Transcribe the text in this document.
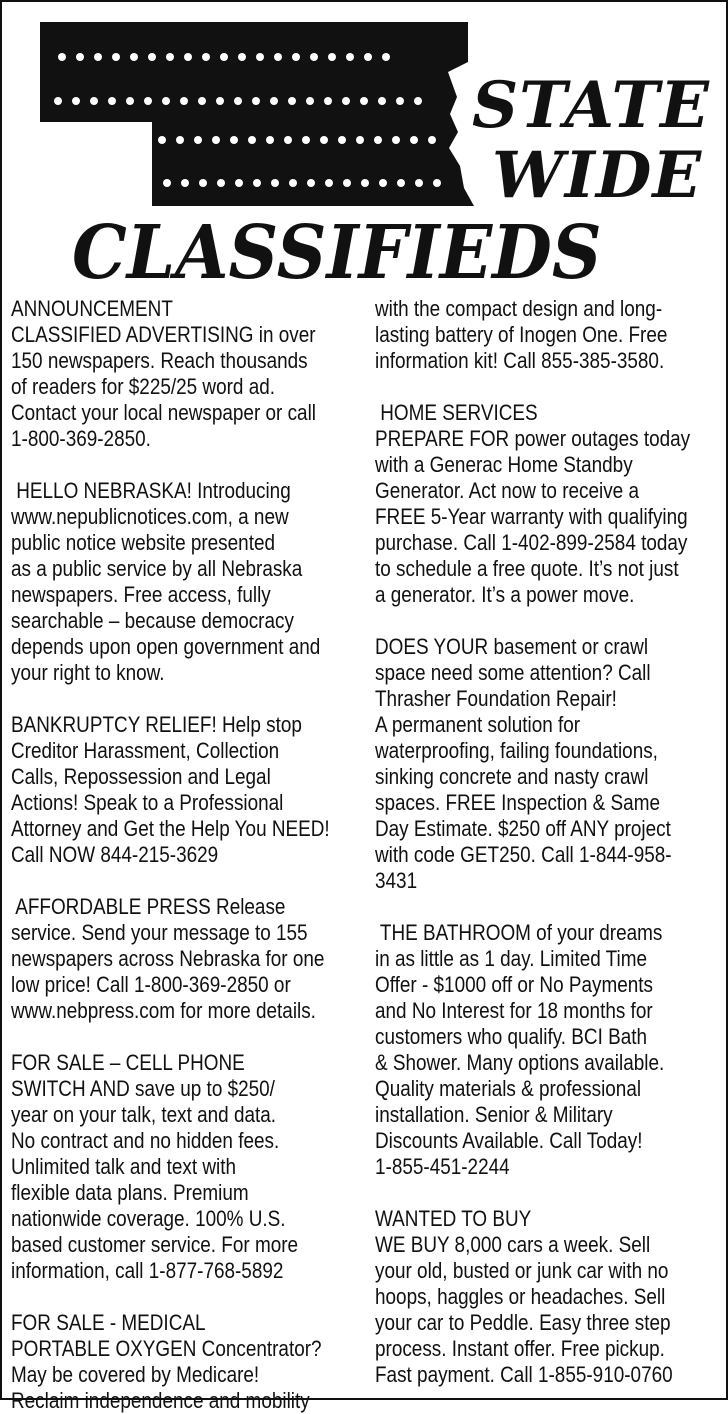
STATE
WIDE
CLASSIFIEDS
ANNOUNCEMENT
CLASSIFIED ADVERTISING in over
150 newspapers. Reach thousands
of readers for $225/25 word ad.
Contact your local newspaper or call
1-800-369-2850.
HELLO NEBRASKA! Introducing
www.nepublicnotices.com, a new
public notice website presented
as a public service by all Nebraska
newspapers. Free access, fully
searchable – because democracy
depends upon open government and
your right to know.
BANKRUPTCY RELIEF! Help stop
Creditor Harassment, Collection
Calls, Repossession and Legal
Actions! Speak to a Professional
Attorney and Get the Help You NEED!
Call NOW 844-215-3629
AFFORDABLE PRESS Release
service. Send your message to 155
newspapers across Nebraska for one
low price! Call 1-800-369-2850 or
www.nebpress.com for more details.
FOR SALE – CELL PHONE
SWITCH AND save up to $250/
year on your talk, text and data.
No contract and no hidden fees.
Unlimited talk and text with
flexible data plans. Premium
nationwide coverage. 100% U.S.
based customer service. For more
information, call 1-877-768-5892
FOR SALE - MEDICAL
PORTABLE OXYGEN Concentrator?
May be covered by Medicare!
Reclaim independence and mobility
with the compact design and long-
lasting battery of Inogen One. Free
information kit! Call 855-385-3580.
HOME SERVICES
PREPARE FOR power outages today
with a Generac Home Standby
Generator. Act now to receive a
FREE 5-Year warranty with qualifying
purchase. Call 1-402-899-2584 today
to schedule a free quote. It’s not just
a generator. It’s a power move.
DOES YOUR basement or crawl
space need some attention? Call
Thrasher Foundation Repair!
A permanent solution for
waterproofing, failing foundations,
sinking concrete and nasty crawl
spaces. FREE Inspection & Same
Day Estimate. $250 off ANY project
with code GET250. Call 1-844-958-
3431
THE BATHROOM of your dreams
in as little as 1 day. Limited Time
Offer - $1000 off or No Payments
and No Interest for 18 months for
customers who qualify. BCI Bath
& Shower. Many options available.
Quality materials & professional
installation. Senior & Military
Discounts Available. Call Today!
1-855-451-2244
WANTED TO BUY
WE BUY 8,000 cars a week. Sell
your old, busted or junk car with no
hoops, haggles or headaches. Sell
your car to Peddle. Easy three step
process. Instant offer. Free pickup.
Fast payment. Call 1-855-910-0760
